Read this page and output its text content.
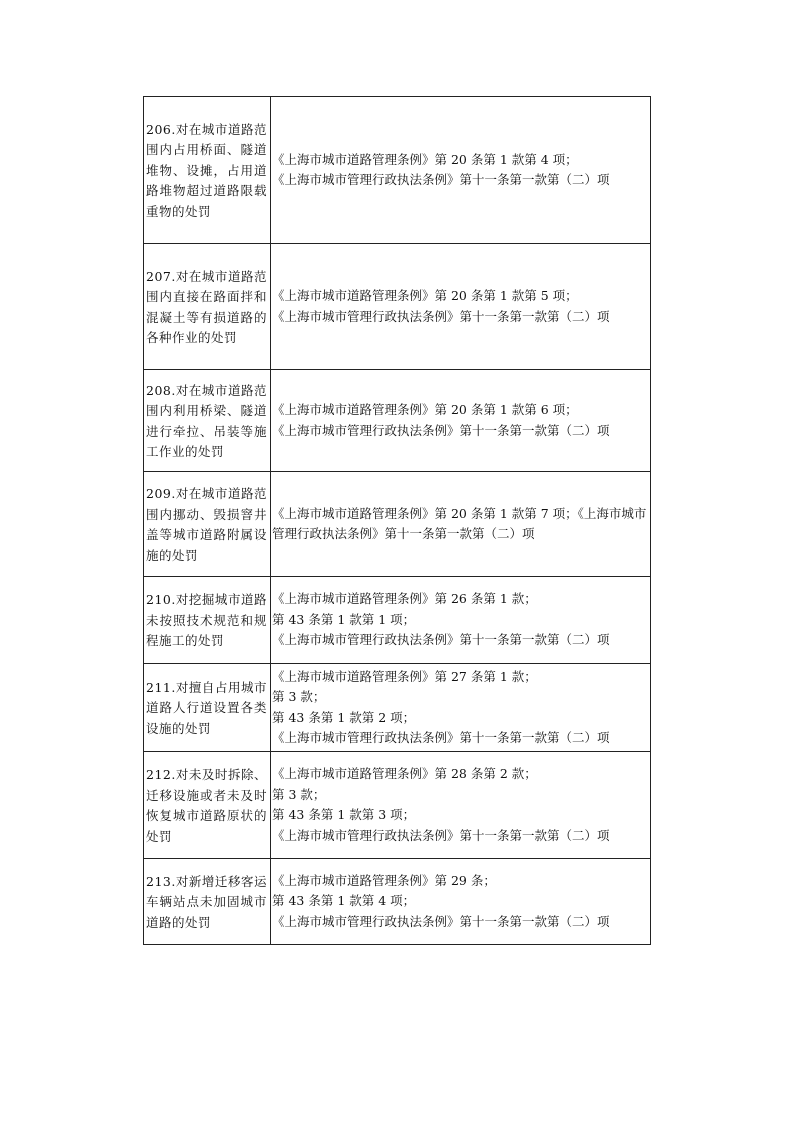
206.对在城市道路范围内占用桥面、隧道堆物、设摊，占用道路堆物超过道路限载重物的处罚	《上海市城市道路管理条例》第 20 条第 1 款第 4 项；
《上海市城市管理行政执法条例》第十一条第一款第（二）项

207.对在城市道路范围内直接在路面拌和混凝土等有损道路的各种作业的处罚	《上海市城市道路管理条例》第 20 条第 1 款第 5 项；
《上海市城市管理行政执法条例》第十一条第一款第（二）项

208.对在城市道路范围内利用桥梁、隧道进行牵拉、吊装等施工作业的处罚	《上海市城市道路管理条例》第 20 条第 1 款第 6 项；
《上海市城市管理行政执法条例》第十一条第一款第（二）项

209.对在城市道路范围内挪动、毁损窨井盖等城市道路附属设施的处罚	《上海市城市道路管理条例》第 20 条第 1 款第 7 项；《上海市城市管理行政执法条例》第十一条第一款第（二）项

210.对挖掘城市道路未按照技术规范和规程施工的处罚	《上海市城市道路管理条例》第 26 条第 1 款；
第 43 条第 1 款第 1 项；
《上海市城市管理行政执法条例》第十一条第一款第（二）项

211.对擅自占用城市道路人行道设置各类设施的处罚	《上海市城市道路管理条例》第 27 条第 1 款；
第 3 款；
第 43 条第 1 款第 2 项；
《上海市城市管理行政执法条例》第十一条第一款第（二）项

212.对未及时拆除、迁移设施或者未及时恢复城市道路原状的处罚	《上海市城市道路管理条例》第 28 条第 2 款；
第 3 款；
第 43 条第 1 款第 3 项；
《上海市城市管理行政执法条例》第十一条第一款第（二）项

213.对新增迁移客运车辆站点未加固城市道路的处罚	《上海市城市道路管理条例》第 29 条；
第 43 条第 1 款第 4 项；
《上海市城市管理行政执法条例》第十一条第一款第（二）项
